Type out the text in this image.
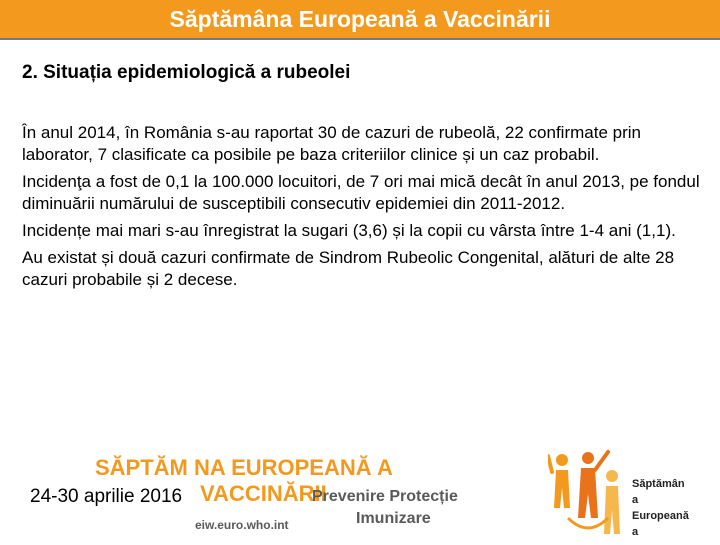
Săptămâna Europeană a Vaccinării
2. Situația epidemiologică a rubeolei

În anul 2014, în România s-au raportat 30 de cazuri de rubeolă, 22 confirmate prin laborator, 7 clasificate ca posibile pe baza criteriilor clinice și un caz probabil.

Incidenţa a fost de 0,1 la 100.000 locuitori, de 7 ori mai mică decât în anul 2013, pe fondul diminuării numărului de susceptibili consecutiv epidemiei din 2011-2012.

Incidențe mai mari s-au înregistrat la sugari (3,6) și la copii cu vârsta între 1-4 ani (1,1).

Au existat și două cazuri confirmate de Sindrom Rubeolic Congenital, alături de alte 28 cazuri probabile și 2 decese.

SĂPTĂM NA EUROPEANĂ A
VACCINĂRII
24-30 aprilie 2016
eiw.euro.who.int
Prevenire Protecție
Imunizare
Săptămân
a
Europeană
a
